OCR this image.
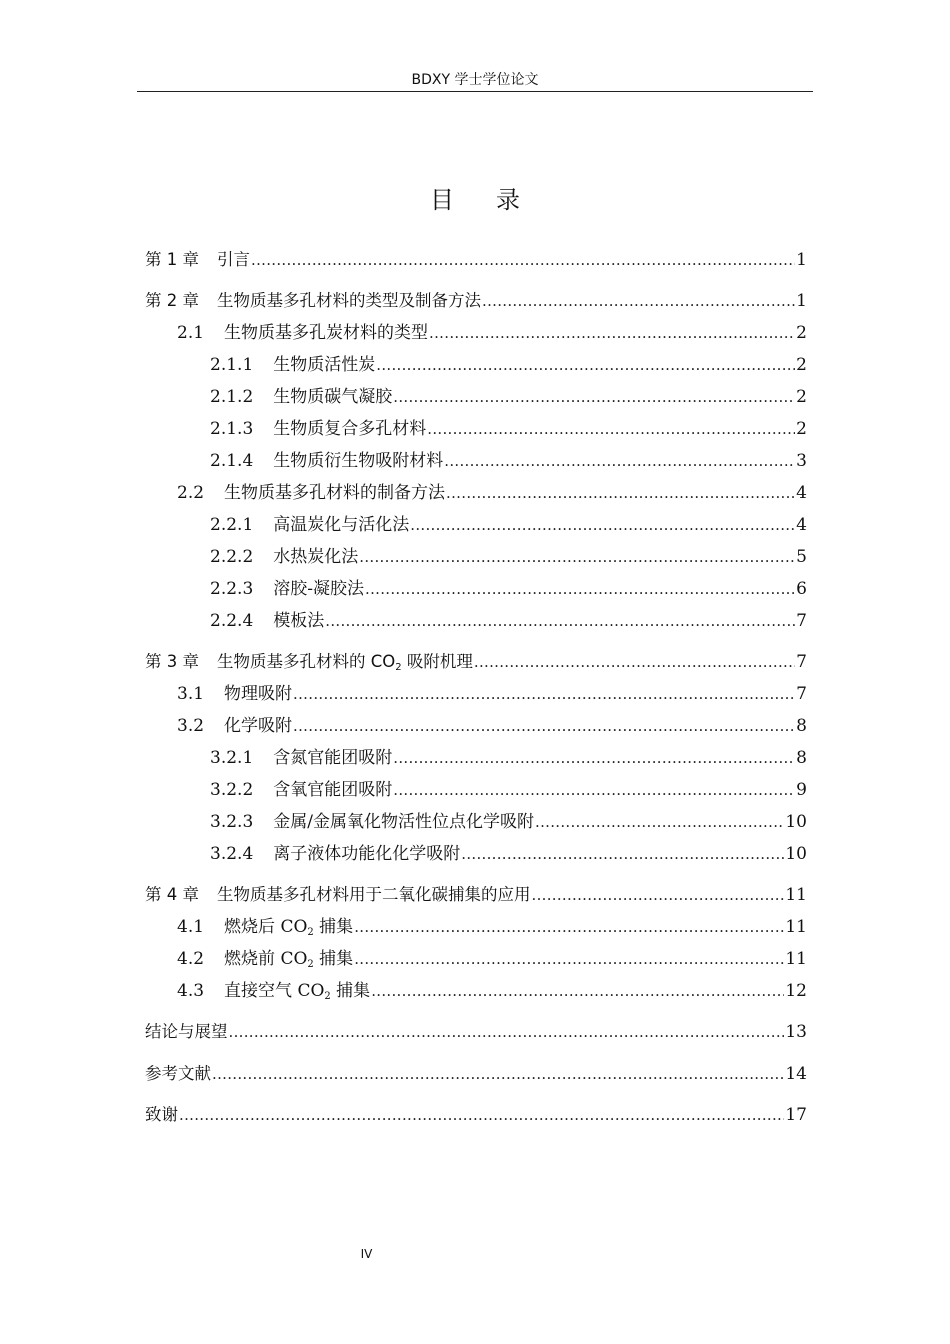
BDXY 学士学位论文
目录
第 1 章 引言 .....	1
第 2 章 生物质基多孔材料的类型及制备方法 .....	1
2.1 生物质基多孔炭材料的类型 .....	2
2.1.1 生物质活性炭 .....	2
2.1.2 生物质碳气凝胶 .....	2
2.1.3 生物质复合多孔材料 .....	2
2.1.4 生物质衍生物吸附材料 .....	3
2.2 生物质基多孔材料的制备方法 .....	4
2.2.1 高温炭化与活化法 .....	4
2.2.2 水热炭化法 .....	5
2.2.3 溶胶-凝胶法 .....	6
2.2.4 模板法 .....	7
第 3 章 生物质基多孔材料的 $CO_2$ 吸附机理 .....	7
3.1 物理吸附 .....	7
3.2 化学吸附 .....	8
3.2.1 含氮官能团吸附 .....	8
3.2.2 含氧官能团吸附 .....	9
3.2.3 金属/金属氧化物活性位点化学吸附 .....	10
3.2.4 离子液体功能化化学吸附 .....	10
第 4 章 生物质基多孔材料用于二氧化碳捕集的应用 .....	11
4.1 燃烧后 $CO_2$ 捕集 .....	11
4.2 燃烧前 $CO_2$ 捕集 .....	11
4.3 直接空气 $CO_2$ 捕集 .....	12
结论与展望 .....	13
参考文献 .....	14
致谢 .....	17
IV
